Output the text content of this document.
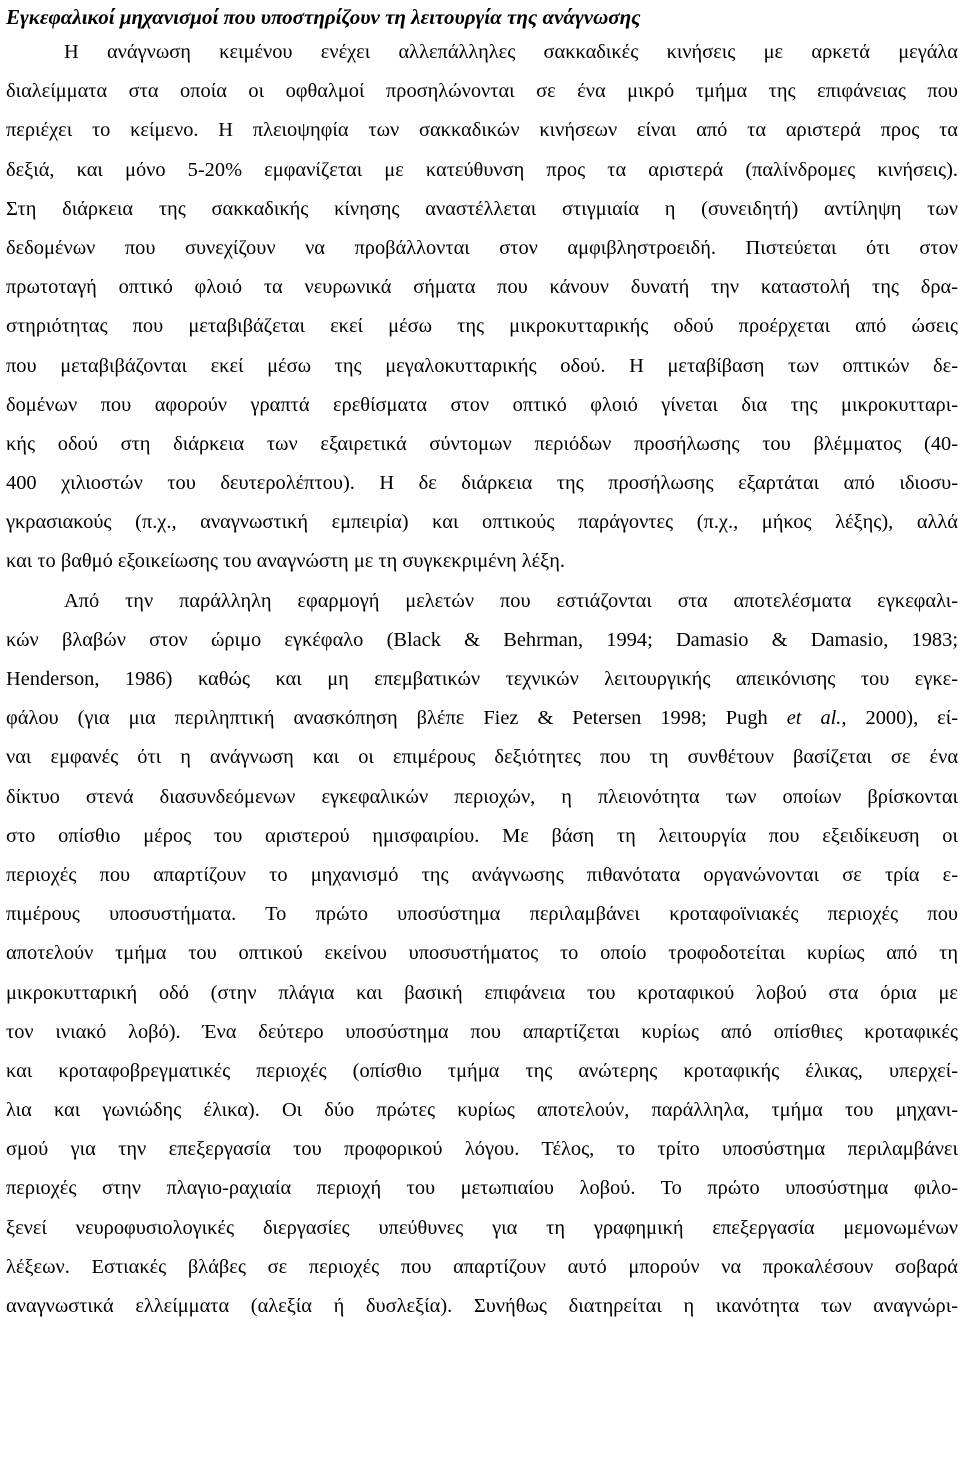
Εγκεφαλικοί μηχανισμοί που υποστηρίζουν τη λειτουργία της ανάγνωσης
Η ανάγνωση κειμένου ενέχει αλλεπάλληλες σακκαδικές κινήσεις με αρκετά μεγάλα
διαλείμματα στα οποία οι οφθαλμοί προσηλώνονται σε ένα μικρό τμήμα της επιφάνειας που
περιέχει το κείμενο. Η πλειοψηφία των σακκαδικών κινήσεων είναι από τα αριστερά προς τα
δεξιά, και μόνο 5-20% εμφανίζεται με κατεύθυνση προς τα αριστερά (παλίνδρομες κινήσεις).
Στη διάρκεια της σακκαδικής κίνησης αναστέλλεται στιγμιαία η (συνειδητή) αντίληψη των
δεδομένων που συνεχίζουν να προβάλλονται στον αμφιβληστροειδή. Πιστεύεται ότι στον
πρωτοταγή οπτικό φλοιό τα νευρωνικά σήματα που κάνουν δυνατή την καταστολή της δρα-
στηριότητας που μεταβιβάζεται εκεί μέσω της μικροκυτταρικής οδού προέρχεται από ώσεις
που μεταβιβάζονται εκεί μέσω της μεγαλοκυτταρικής οδού. Η μεταβίβαση των οπτικών δε-
δομένων που αφορούν γραπτά ερεθίσματα στον οπτικό φλοιό γίνεται δια της μικροκυτταρι-
κής οδού στη διάρκεια των εξαιρετικά σύντομων περιόδων προσήλωσης του βλέμματος (40-
400 χιλιοστών του δευτερολέπτου). Η δε διάρκεια της προσήλωσης εξαρτάται από ιδιοσυ-
γκρασιακούς (π.χ., αναγνωστική εμπειρία) και οπτικούς παράγοντες (π.χ., μήκος λέξης), αλλά
και το βαθμό εξοικείωσης του αναγνώστη με τη συγκεκριμένη λέξη.
Από την παράλληλη εφαρμογή μελετών που εστιάζονται στα αποτελέσματα εγκεφαλι-
κών βλαβών στον ώριμο εγκέφαλο (Black & Behrman, 1994; Damasio & Damasio, 1983;
Henderson, 1986) καθώς και μη επεμβατικών τεχνικών λειτουργικής απεικόνισης του εγκε-
φάλου (για μια περιληπτική ανασκόπηση βλέπε Fiez & Petersen 1998; Pugh et al., 2000), εί-
ναι εμφανές ότι η ανάγνωση και οι επιμέρους δεξιότητες που τη συνθέτουν βασίζεται σε ένα
δίκτυο στενά διασυνδεόμενων εγκεφαλικών περιοχών, η πλειονότητα των οποίων βρίσκονται
στο οπίσθιο μέρος του αριστερού ημισφαιρίου. Με βάση τη λειτουργία που εξειδίκευση οι
περιοχές που απαρτίζουν το μηχανισμό της ανάγνωσης πιθανότατα οργανώνονται σε τρία ε-
πιμέρους υποσυστήματα. Το πρώτο υποσύστημα περιλαμβάνει κροταφοϊνιακές περιοχές που
αποτελούν τμήμα του οπτικού εκείνου υποσυστήματος το οποίο τροφοδοτείται κυρίως από τη
μικροκυτταρική οδό (στην πλάγια και βασική επιφάνεια του κροταφικού λοβού στα όρια με
τον ινιακό λοβό). Ένα δεύτερο υποσύστημα που απαρτίζεται κυρίως από οπίσθιες κροταφικές
και κροταφοβρεγματικές περιοχές (οπίσθιο τμήμα της ανώτερης κροταφικής έλικας, υπερχεί-
λια και γωνιώδης έλικα). Οι δύο πρώτες κυρίως αποτελούν, παράλληλα, τμήμα του μηχανι-
σμού για την επεξεργασία του προφορικού λόγου. Τέλος, το τρίτο υποσύστημα περιλαμβάνει
περιοχές στην πλαγιο-ραχιαία περιοχή του μετωπιαίου λοβού. Το πρώτο υποσύστημα φιλο-
ξενεί νευροφυσιολογικές διεργασίες υπεύθυνες για τη γραφημική επεξεργασία μεμονωμένων
λέξεων. Εστιακές βλάβες σε περιοχές που απαρτίζουν αυτό μπορούν να προκαλέσουν σοβαρά
αναγνωστικά ελλείμματα (αλεξία ή δυσλεξία). Συνήθως διατηρείται η ικανότητα των αναγνώρι-
